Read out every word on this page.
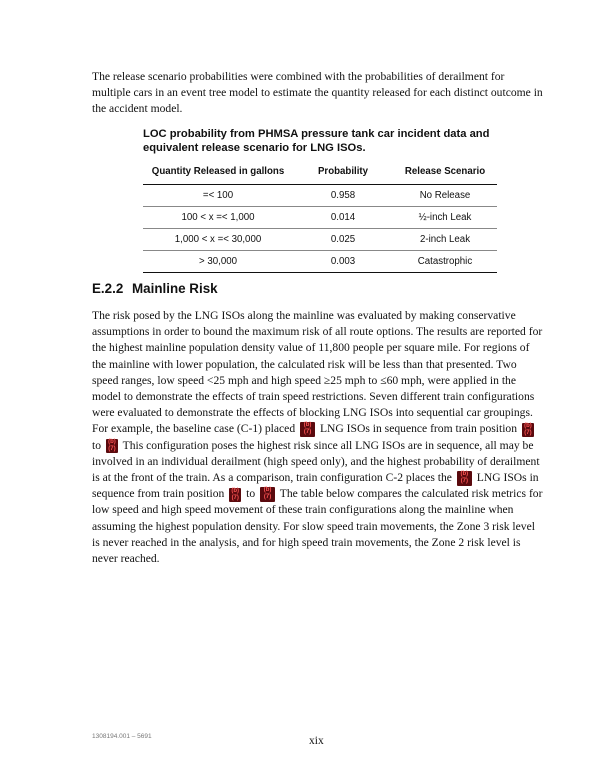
The release scenario probabilities were combined with the probabilities of derailment for multiple cars in an event tree model to estimate the quantity released for each distinct outcome in the accident model.

LOC probability from PHMSA pressure tank car incident data and equivalent release scenario for LNG ISOs.
Quantity Released in gallons	Probability	Release Scenario
=< 100	0.958	No Release
100 < x =< 1,000	0.014	½-inch Leak
1,000 < x =< 30,000	0.025	2-inch Leak
> 30,000	0.003	Catastrophic
E.2.2 Mainline Risk

The risk posed by the LNG ISOs along the mainline was evaluated by making conservative assumptions in order to bound the maximum risk of all route options. The results are reported for the highest mainline population density value of 11,800 people per square mile. For regions of the mainline with lower population, the calculated risk will be less than that presented. Two speed ranges, low speed <25 mph and high speed ≥25 mph to ≤60 mph, were applied in the model to demonstrate the effects of train speed restrictions. Seven different train configurations were evaluated to demonstrate the effects of blocking LNG ISOs into sequential car groupings. For example, the baseline case (C-1) placed (b) (7) LNG ISOs in sequence from train position (b) (7) to (b) (7) This configuration poses the highest risk since all LNG ISOs are in sequence, all may be involved in an individual derailment (high speed only), and the highest probability of derailment is at the front of the train. As a comparison, train configuration C-2 places the (b) (7) LNG ISOs in sequence from train position (b) (7) to (b) (7) The table below compares the calculated risk metrics for low speed and high speed movement of these train configurations along the mainline when assuming the highest population density. For slow speed train movements, the Zone 3 risk level is never reached in the analysis, and for high speed train movements, the Zone 2 risk level is never reached.

1308194.001 – 5691	xix
